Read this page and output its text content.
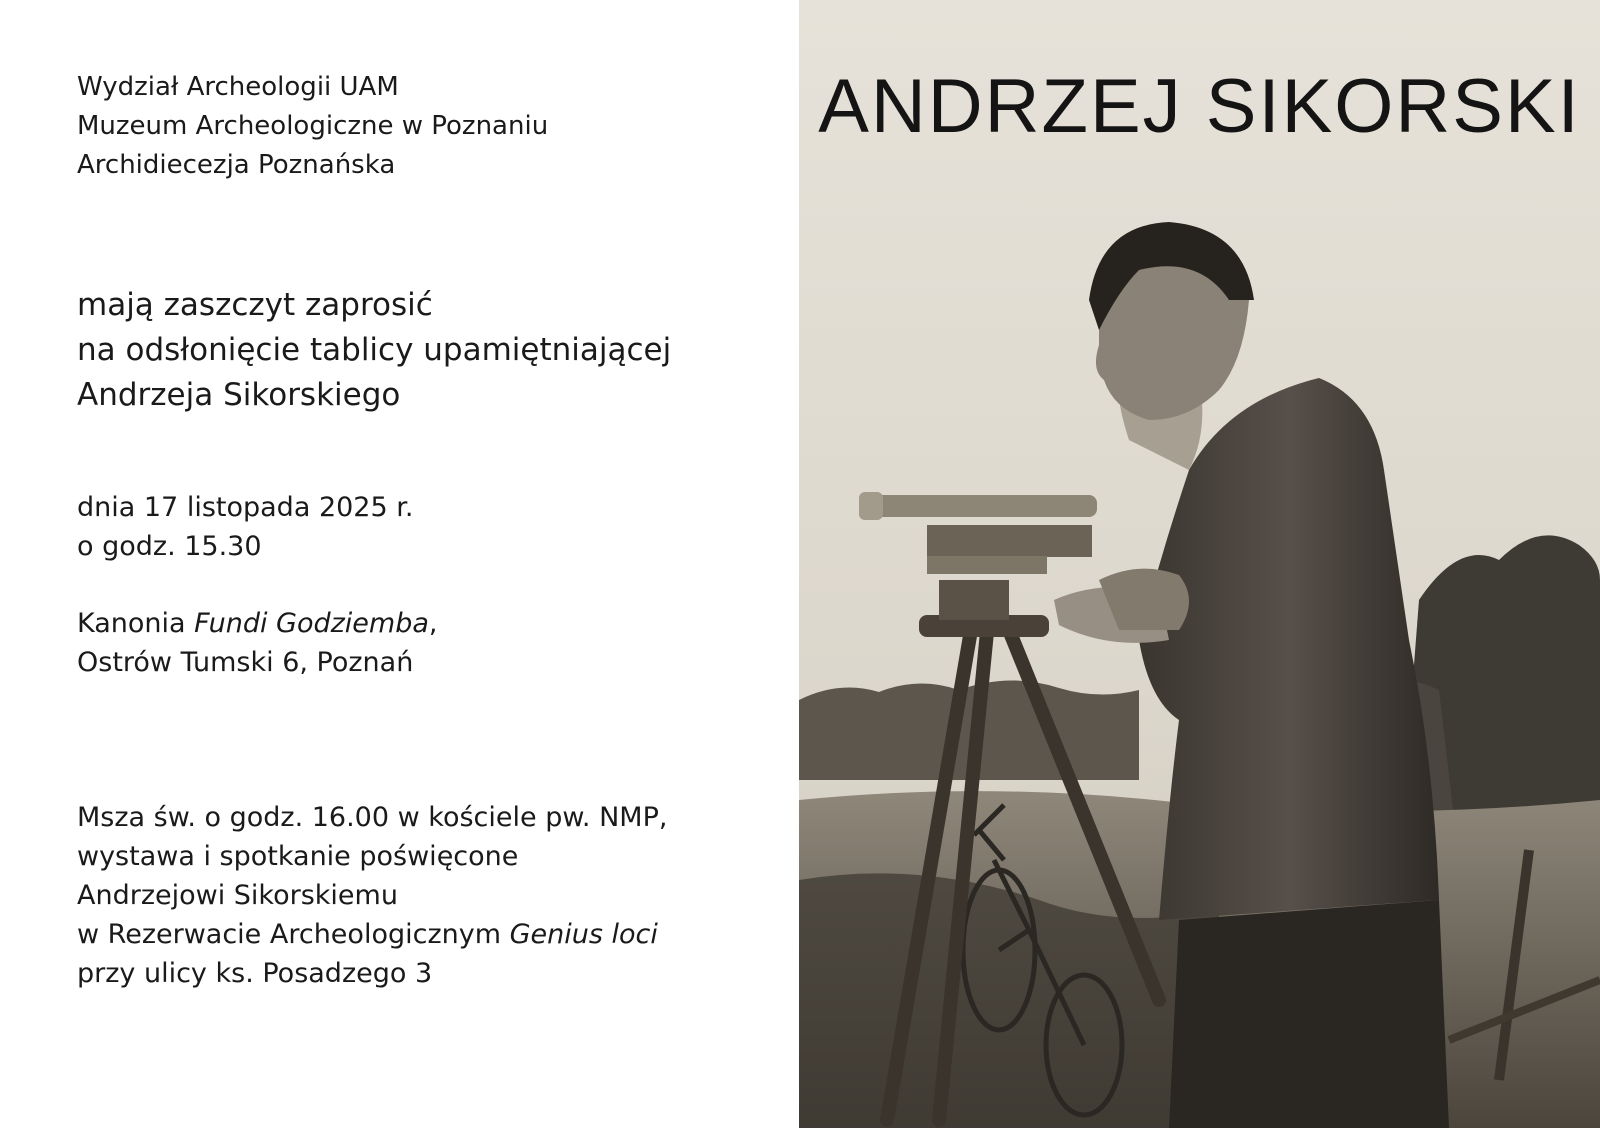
Wydział Archeologii UAM
Muzeum Archeologiczne w Poznaniu
Archidiecezja Poznańska
mają zaszczyt zaprosić
na odsłonięcie tablicy upamiętniającej
Andrzeja Sikorskiego
dnia 17 listopada 2025 r.
o godz. 15.30
Kanonia Fundi Godziemba,
Ostrów Tumski 6, Poznań
Msza św. o godz. 16.00 w kościele pw. NMP,
wystawa i spotkanie poświęcone
Andrzejowi Sikorskiemu
w Rezerwacie Archeologicznym Genius loci
przy ulicy ks. Posadzego 3
ANDRZEJ SIKORSKI
